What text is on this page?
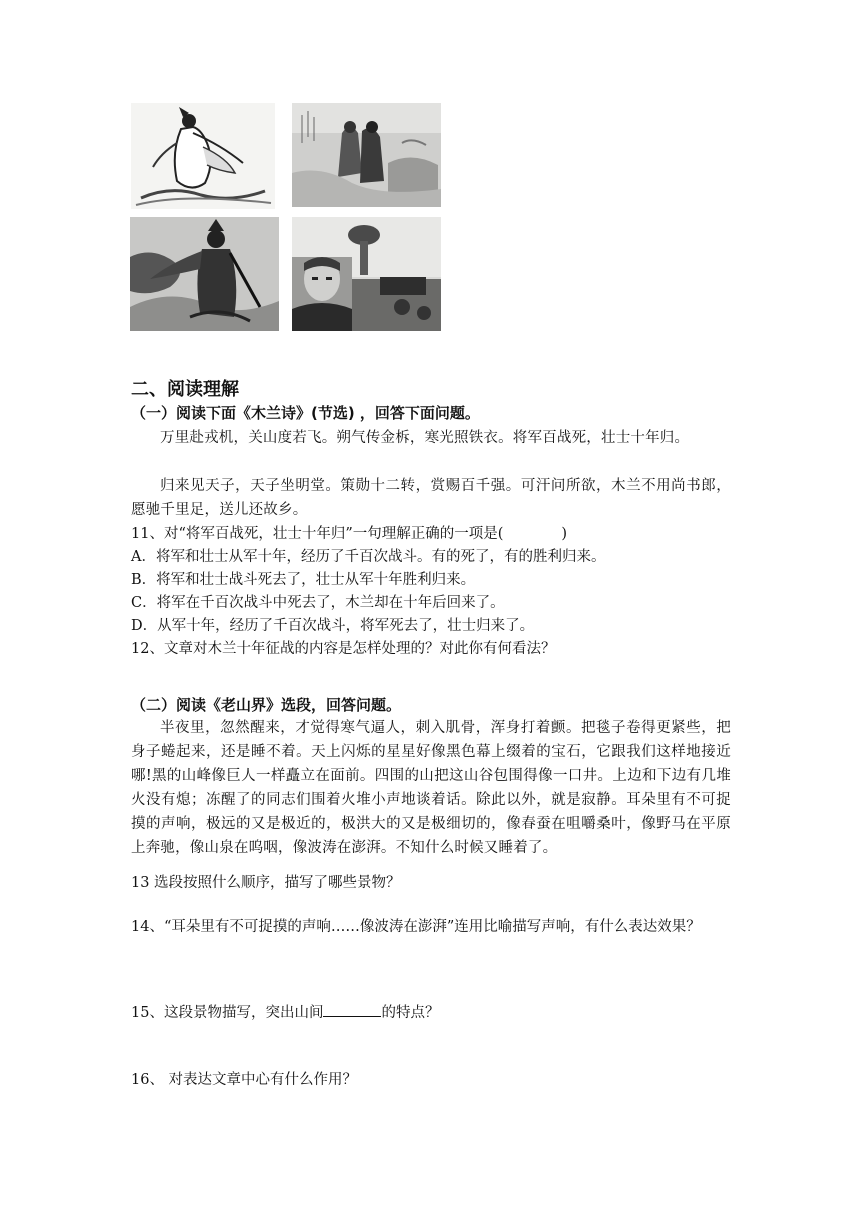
二、阅读理解
（一）阅读下面《木兰诗》(节选) ，回答下面问题。
万里赴戎机，关山度若飞。朔气传金柝，寒光照铁衣。将军百战死，壮士十年归。
归来见天子，天子坐明堂。策勋十二转，赏赐百千强。可汗问所欲，木兰不用尚书郎，愿驰千里足，送儿还故乡。
11、对“将军百战死，壮士十年归”一句理解正确的一项是(　　　　)
A．将军和壮士从军十年，经历了千百次战斗。有的死了，有的胜利归来。
B．将军和壮士战斗死去了，壮士从军十年胜利归来。
C．将军在千百次战斗中死去了，木兰却在十年后回来了。
D．从军十年，经历了千百次战斗，将军死去了，壮士归来了。
12、文章对木兰十年征战的内容是怎样处理的？对此你有何看法？
（二）阅读《老山界》选段，回答问题。
半夜里，忽然醒来，才觉得寒气逼人，刺入肌骨，浑身打着颤。把毯子卷得更紧些，把身子蜷起来，还是睡不着。天上闪烁的星星好像黑色幕上缀着的宝石，它跟我们这样地接近哪!黑的山峰像巨人一样矗立在面前。四围的山把这山谷包围得像一口井。上边和下边有几堆火没有熄；冻醒了的同志们围着火堆小声地谈着话。除此以外，就是寂静。耳朵里有不可捉摸的声响，极远的又是极近的，极洪大的又是极细切的，像春蚕在咀嚼桑叶，像野马在平原上奔驰，像山泉在呜咽，像波涛在澎湃。不知什么时候又睡着了。
13 选段按照什么顺序，描写了哪些景物？
14、“耳朵里有不可捉摸的声响……像波涛在澎湃”连用比喻描写声响，有什么表达效果？
15、这段景物描写，突出山间	的特点？
16、 对表达文章中心有什么作用？
